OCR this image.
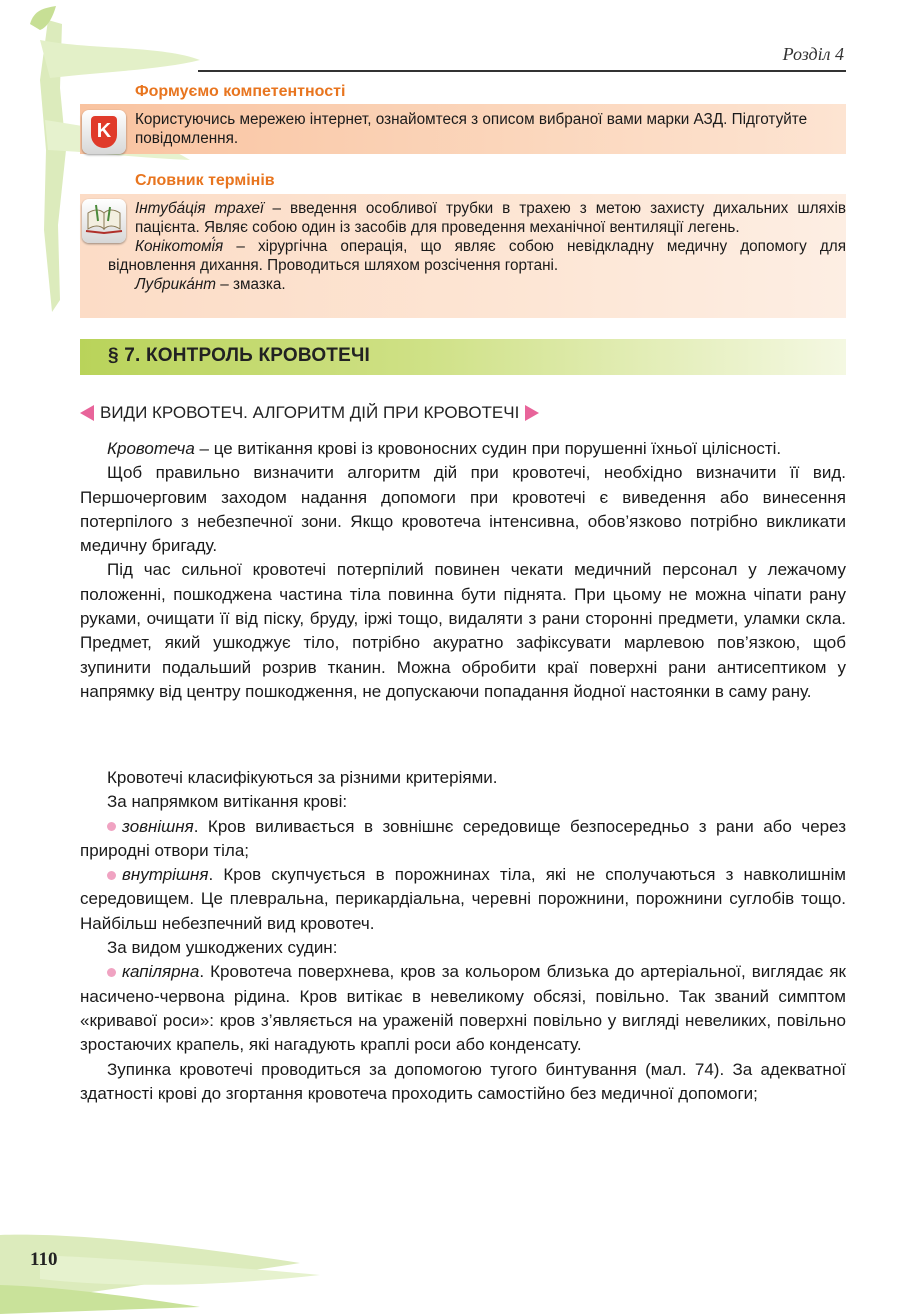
Розділ 4
Формуємо компетентності
K
Користуючись мережею інтернет, ознайомтеся з описом вибраної вами марки АЗД. Підготуйте повідомлення.
Словник термінів

Інтуба́ція трахеї – введення особливої трубки в трахею з метою захисту дихальних шляхів пацієнта. Являє собою один із засобів для проведення механічної вентиляції легень.

Конікотомі́я – хірургічна операція, що являє собою невідкладну медичну допомогу для відновлення дихання. Проводиться шляхом розсічення гортані.

Лубрика́нт – змазка.

§ 7. КОНТРОЛЬ КРОВОТЕЧІ
ВИДИ КРОВОТЕЧ. АЛГОРИТМ ДІЙ ПРИ КРОВОТЕЧІ

Кровотеча – це витікання крові із кровоносних судин при порушенні їхньої цілісності.

Щоб правильно визначити алгоритм дій при кровотечі, необхідно визначити її вид. Першочерговим заходом надання допомоги при кровотечі є виведення або винесення потерпілого з небезпечної зони. Якщо кровотеча інтенсивна, обов’язково потрібно викликати медичну бригаду.

Під час сильної кровотечі потерпілий повинен чекати медичний персонал у лежачому положенні, пошкоджена частина тіла повинна бути піднята. При цьому не можна чіпати рану руками, очищати її від піску, бруду, іржі тощо, видаляти з рани сторонні предмети, уламки скла. Предмет, який ушкоджує тіло, потрібно акуратно зафіксувати марлевою пов’язкою, щоб зупинити подальший розрив тканин. Можна обробити краї поверхні рани антисептиком у напрямку від центру пошкодження, не допускаючи попадання йодної настоянки в саму рану.

Кровотечі класифікуються за різними критеріями.

За напрямком витікання крові:

зовнішня. Кров виливається в зовнішнє середовище безпосередньо з рани або через природні отвори тіла;

внутрішня. Кров скупчується в порожнинах тіла, які не сполучаються з навколишнім середовищем. Це плевральна, перикардіальна, черевні порожнини, порожнини суглобів тощо. Найбільш небезпечний вид кровотеч.

За видом ушкоджених судин:

капілярна. Кровотеча поверхнева, кров за кольором близька до артеріальної, виглядає як насичено-червона рідина. Кров витікає в невеликому обсязі, повільно. Так званий симптом «кривавої роси»: кров з’являється на ураженій поверхні повільно у вигляді невеликих, повільно зростаючих крапель, які нагадують краплі роси або конденсату.

Зупинка кровотечі проводиться за допомогою тугого бинтування (мал. 74). За адекватної здатності крові до згортання кровотеча проходить самостійно без медичної допомоги;

110
